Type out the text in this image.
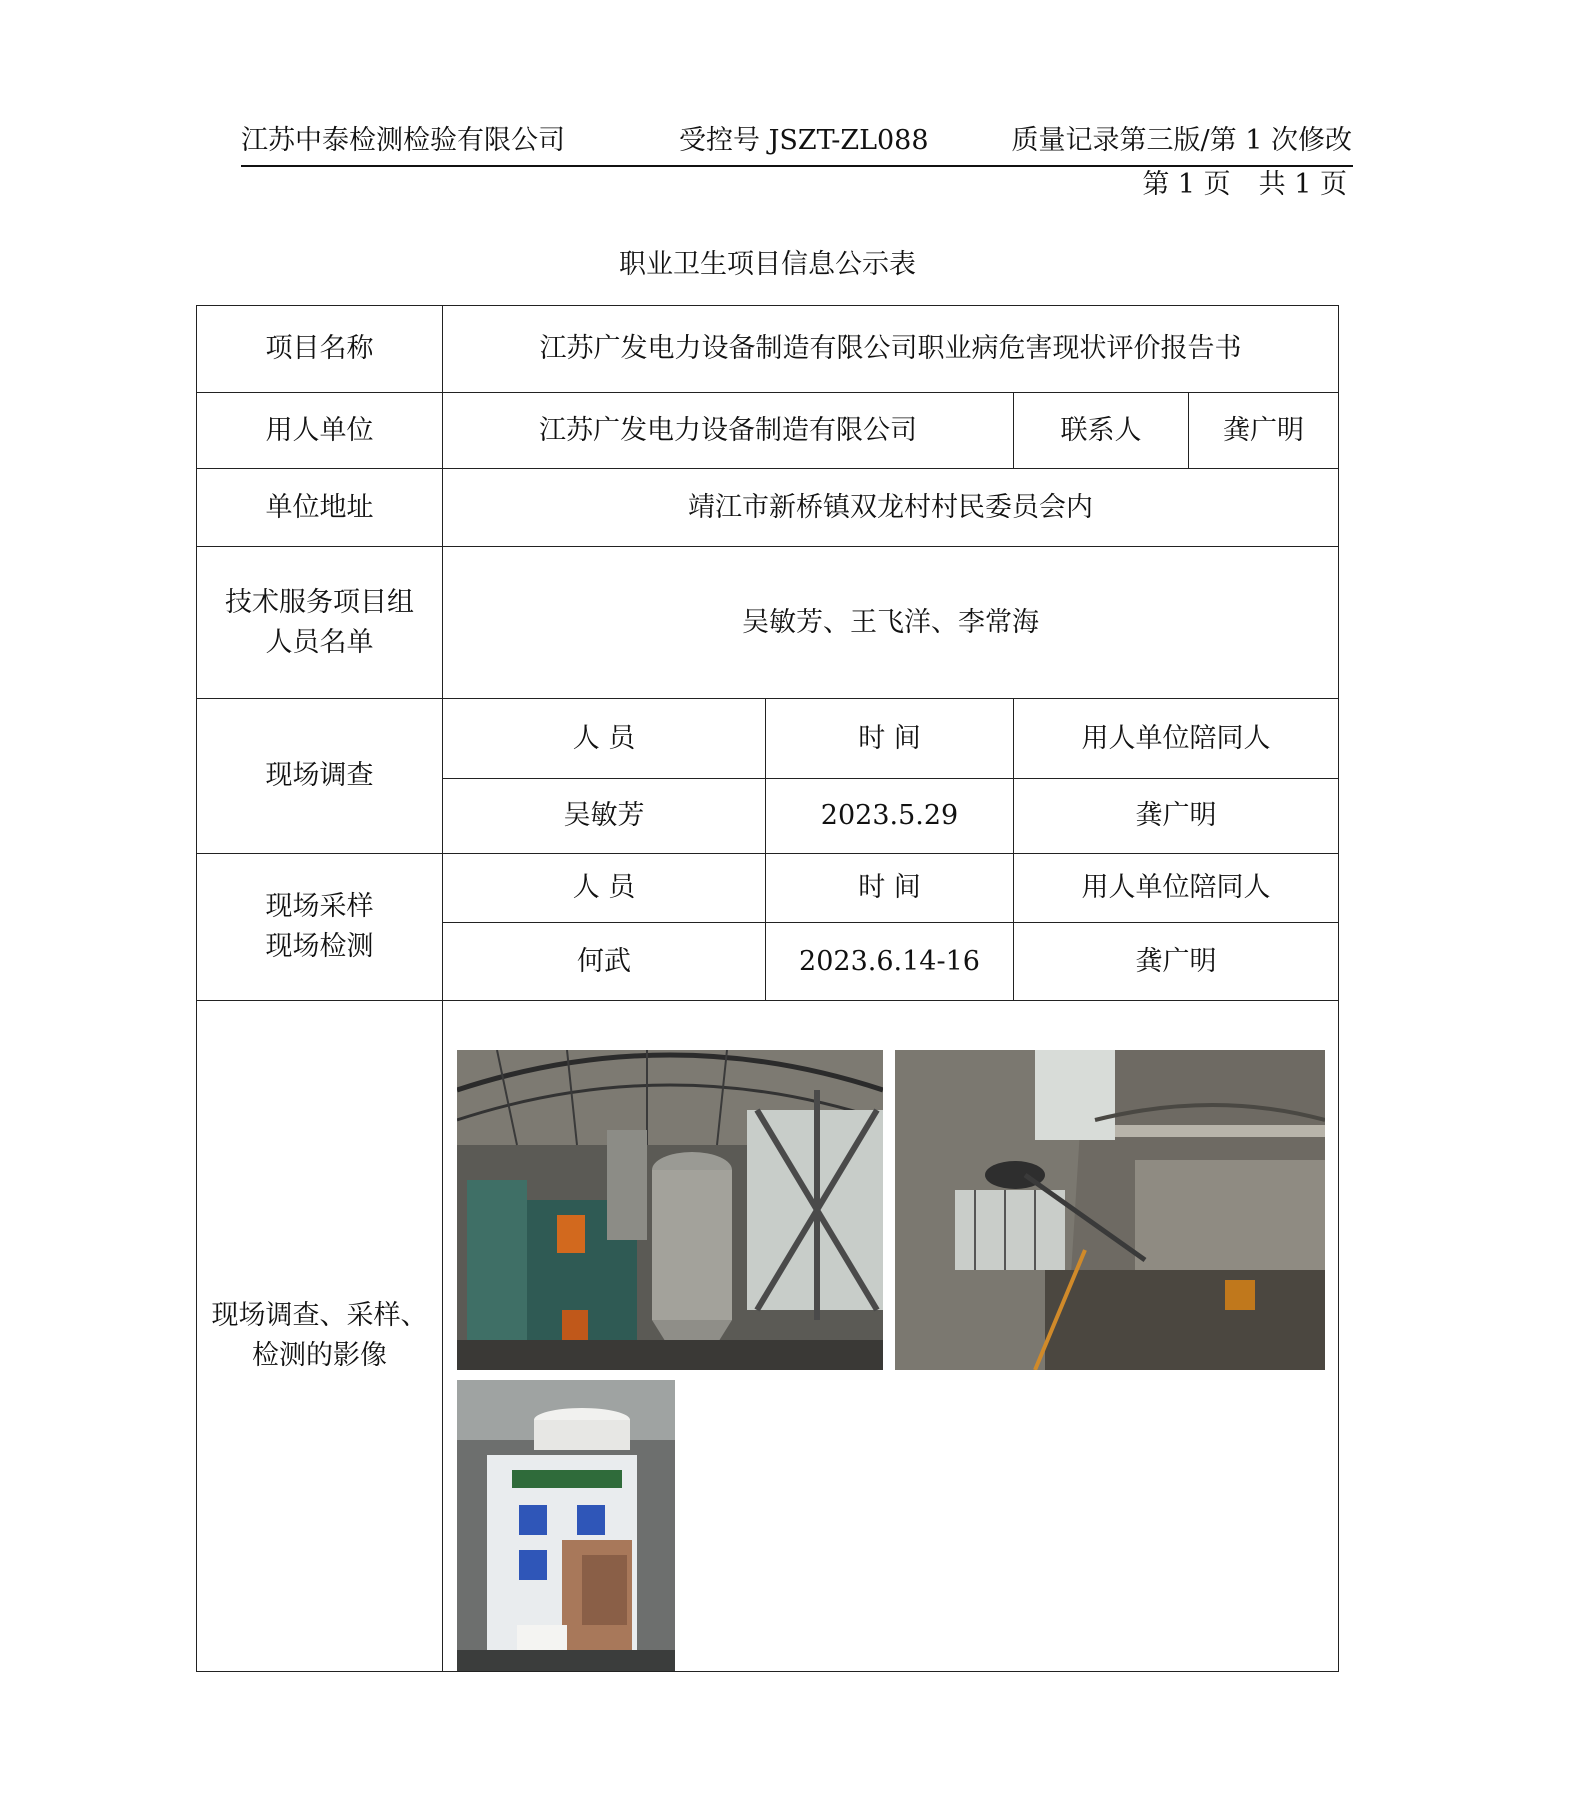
江苏中泰检测检验有限公司	受控号 JSZT-ZL088	质量记录第三版/第 1 次修改
第 1 页 共 1 页
职业卫生项目信息公示表
项目名称	江苏广发电力设备制造有限公司职业病危害现状评价报告书			
用人单位	江苏广发电力设备制造有限公司		联系人	龚广明
单位地址	靖江市新桥镇双龙村村民委员会内			

技术服务项目组
人员名单	吴敏芳、王飞洋、李常海			
现场调查	人 员	时 间	用人单位陪同人	
	吴敏芳	2023.5.29	龚广明	

现场采样
现场检测	人 员	时 间	用人单位陪同人	
	何武	2023.6.14-16	龚广明	

现场调查、采样、
检测的影像
